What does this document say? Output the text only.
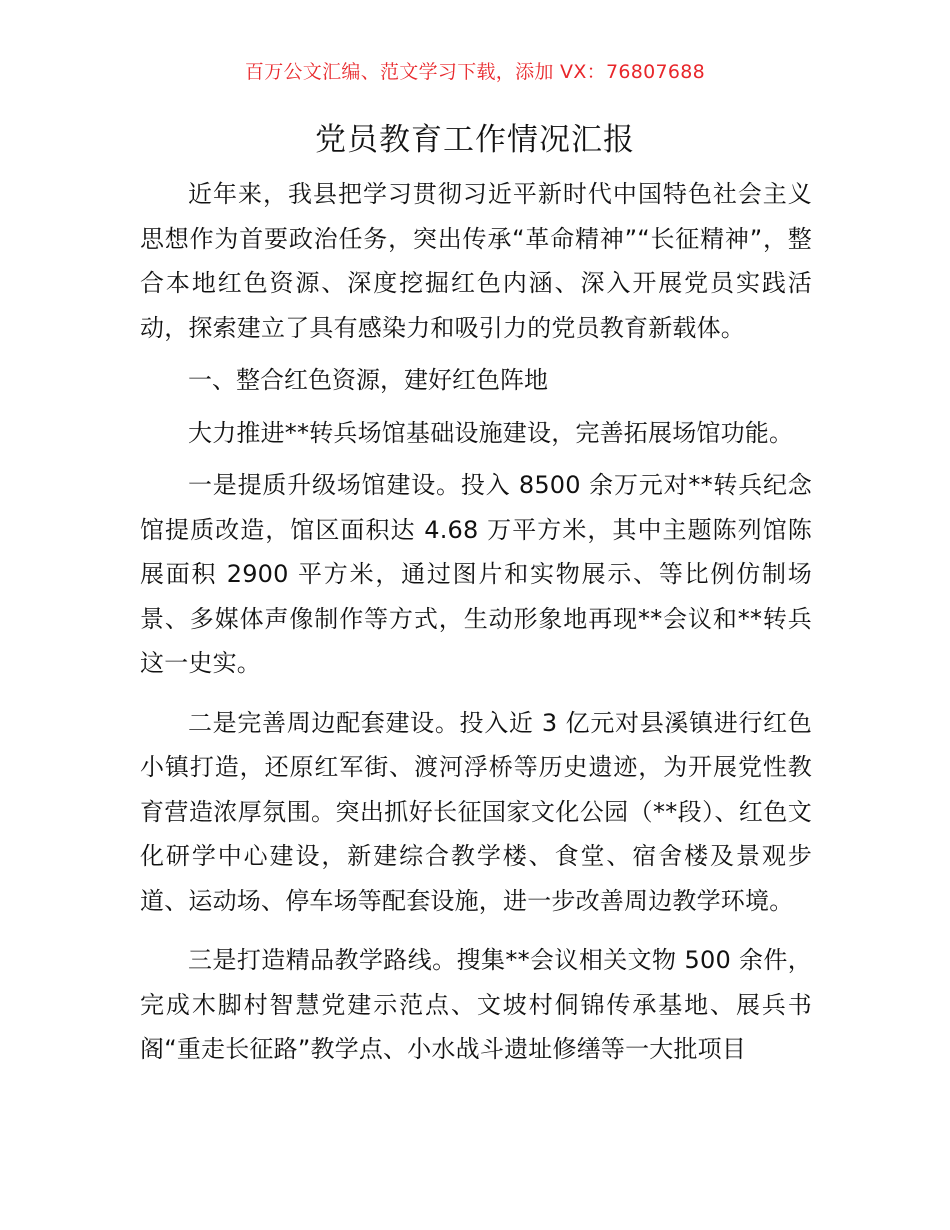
百万公文汇编、范文学习下载，添加 VX：76807688
党员教育工作情况汇报

近年来，我县把学习贯彻习近平新时代中国特色社会主义思想作为首要政治任务，突出传承“革命精神”“长征精神”，整合本地红色资源、深度挖掘红色内涵、深入开展党员实践活动，探索建立了具有感染力和吸引力的党员教育新载体。

一、整合红色资源，建好红色阵地

大力推进**转兵场馆基础设施建设，完善拓展场馆功能。

一是提质升级场馆建设。投入 8500 余万元对**转兵纪念馆提质改造，馆区面积达 4.68 万平方米，其中主题陈列馆陈展面积 2900 平方米，通过图片和实物展示、等比例仿制场景、多媒体声像制作等方式，生动形象地再现**会议和**转兵这一史实。

二是完善周边配套建设。投入近 3 亿元对县溪镇进行红色小镇打造，还原红军街、渡河浮桥等历史遗迹，为开展党性教育营造浓厚氛围。突出抓好长征国家文化公园（**段）、红色文化研学中心建设，新建综合教学楼、食堂、宿舍楼及景观步道、运动场、停车场等配套设施，进一步改善周边教学环境。

三是打造精品教学路线。搜集**会议相关文物 500 余件，完成木脚村智慧党建示范点、文坡村侗锦传承基地、展兵书阁“重走长征路”教学点、小水战斗遗址修缮等一大批项目
